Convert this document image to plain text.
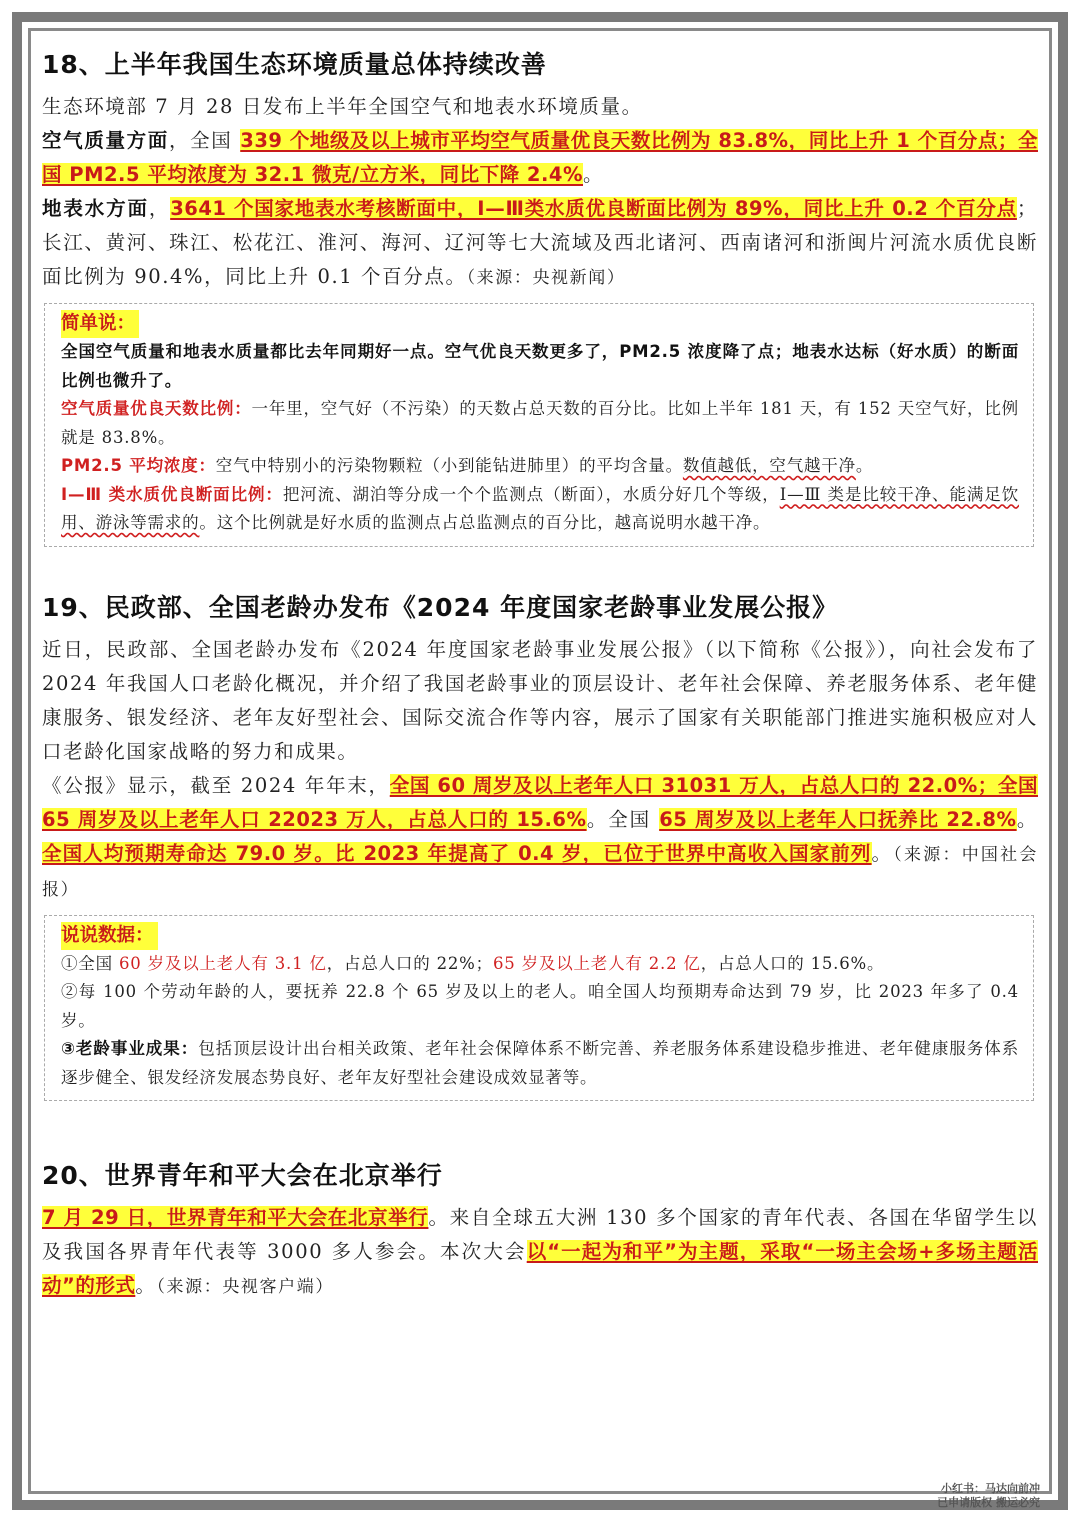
18、上半年我国生态环境质量总体持续改善

生态环境部 7 月 28 日发布上半年全国空气和地表水环境质量。

空气质量方面，全国 339 个地级及以上城市平均空气质量优良天数比例为 83.8%，同比上升 1 个百分点；全国 PM2.5 平均浓度为 32.1 微克/立方米，同比下降 2.4%。

地表水方面，3641 个国家地表水考核断面中，Ⅰ—Ⅲ类水质优良断面比例为 89%，同比上升 0.2 个百分点；长江、黄河、珠江、松花江、淮河、海河、辽河等七大流域及西北诸河、西南诸河和浙闽片河流水质优良断面比例为 90.4%，同比上升 0.1 个百分点。（来源：央视新闻）

简单说：

全国空气质量和地表水质量都比去年同期好一点。空气优良天数更多了，PM2.5 浓度降了点；地表水达标（好水质）的断面比例也微升了。

空气质量优良天数比例：一年里，空气好（不污染）的天数占总天数的百分比。比如上半年 181 天，有 152 天空气好，比例就是 83.8%。

PM2.5 平均浓度：空气中特别小的污染物颗粒（小到能钻进肺里）的平均含量。数值越低，空气越干净。

Ⅰ—Ⅲ 类水质优良断面比例：把河流、湖泊等分成一个个监测点（断面），水质分好几个等级，Ⅰ—Ⅲ 类是比较干净、能满足饮用、游泳等需求的。这个比例就是好水质的监测点占总监测点的百分比，越高说明水越干净。

19、民政部、全国老龄办发布《2024 年度国家老龄事业发展公报》

近日，民政部、全国老龄办发布《2024 年度国家老龄事业发展公报》（以下简称《公报》），向社会发布了 2024 年我国人口老龄化概况，并介绍了我国老龄事业的顶层设计、老年社会保障、养老服务体系、老年健康服务、银发经济、老年友好型社会、国际交流合作等内容，展示了国家有关职能部门推进实施积极应对人口老龄化国家战略的努力和成果。

《公报》显示，截至 2024 年年末，全国 60 周岁及以上老年人口 31031 万人，占总人口的 22.0%；全国 65 周岁及以上老年人口 22023 万人，占总人口的 15.6%。全国 65 周岁及以上老年人口抚养比 22.8%。全国人均预期寿命达 79.0 岁。比 2023 年提高了 0.4 岁，已位于世界中高收入国家前列。（来源：中国社会报）

说说数据：

①全国 60 岁及以上老人有 3.1 亿，占总人口的 22%；65 岁及以上老人有 2.2 亿，占总人口的 15.6%。

②每 100 个劳动年龄的人，要抚养 22.8 个 65 岁及以上的老人。咱全国人均预期寿命达到 79 岁，比 2023 年多了 0.4 岁。

③老龄事业成果：包括顶层设计出台相关政策、老年社会保障体系不断完善、养老服务体系建设稳步推进、老年健康服务体系逐步健全、银发经济发展态势良好、老年友好型社会建设成效显著等。

20、世界青年和平大会在北京举行

7 月 29 日，世界青年和平大会在北京举行。来自全球五大洲 130 多个国家的青年代表、各国在华留学生以及我国各界青年代表等 3000 多人参会。本次大会以“一起为和平”为主题，采取“一场主会场+多场主题活动”的形式。（来源：央视客户端）

小红书：马达向前冲
已申请版权 搬运必究
